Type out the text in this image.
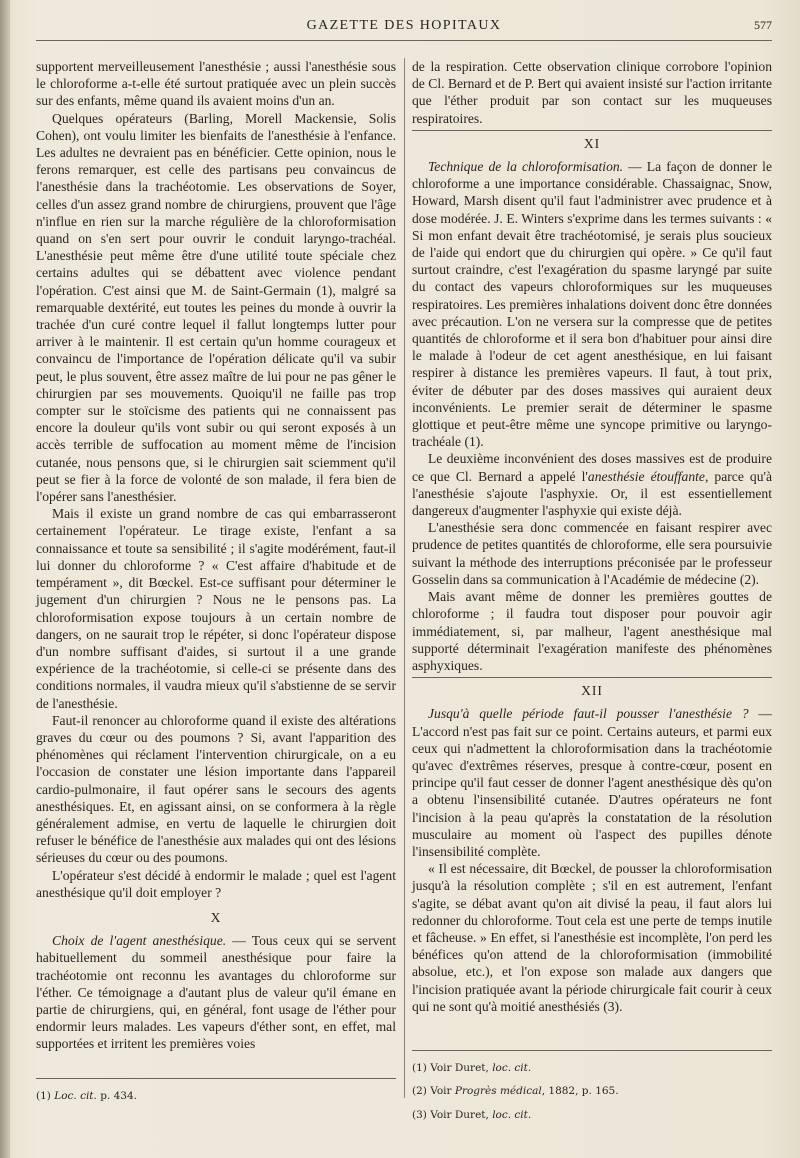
GAZETTE DES HOPITAUX	577

supportent merveilleusement l'anesthésie ; aussi l'anesthésie sous le chloroforme a-t-elle été surtout pratiquée avec un plein succès sur des enfants, même quand ils avaient moins d'un an.

Quelques opérateurs (Barling, Morell Mackensie, Solis Cohen), ont voulu limiter les bienfaits de l'anesthésie à l'enfance. Les adultes ne devraient pas en bénéficier. Cette opinion, nous le ferons remarquer, est celle des partisans peu convaincus de l'anesthésie dans la trachéotomie. Les observations de Soyer, celles d'un assez grand nombre de chirurgiens, prouvent que l'âge n'influe en rien sur la marche régulière de la chloroformisation quand on s'en sert pour ouvrir le conduit laryngo-trachéal. L'anesthésie peut même être d'une utilité toute spéciale chez certains adultes qui se débattent avec violence pendant l'opération. C'est ainsi que M. de Saint-Germain (1), malgré sa remarquable dextérité, eut toutes les peines du monde à ouvrir la trachée d'un curé contre lequel il fallut longtemps lutter pour arriver à le maintenir. Il est certain qu'un homme courageux et convaincu de l'importance de l'opération délicate qu'il va subir peut, le plus souvent, être assez maître de lui pour ne pas gêner le chirurgien par ses mouvements. Quoiqu'il ne faille pas trop compter sur le stoïcisme des patients qui ne connaissent pas encore la douleur qu'ils vont subir ou qui seront exposés à un accès terrible de suffocation au moment même de l'incision cutanée, nous pensons que, si le chirurgien sait sciemment qu'il peut se fier à la force de volonté de son malade, il fera bien de l'opérer sans l'anesthésier.

Mais il existe un grand nombre de cas qui embarrasseront certainement l'opérateur. Le tirage existe, l'enfant a sa connaissance et toute sa sensibilité ; il s'agite modérément, faut-il lui donner du chloroforme ? « C'est affaire d'habitude et de tempérament », dit Bœckel. Est-ce suffisant pour déterminer le jugement d'un chirurgien ? Nous ne le pensons pas. La chloroformisation expose toujours à un certain nombre de dangers, on ne saurait trop le répéter, si donc l'opérateur dispose d'un nombre suffisant d'aides, si surtout il a une grande expérience de la trachéotomie, si celle-ci se présente dans des conditions normales, il vaudra mieux qu'il s'abstienne de se servir de l'anesthésie.

Faut-il renoncer au chloroforme quand il existe des altérations graves du cœur ou des poumons ? Si, avant l'apparition des phénomènes qui réclament l'intervention chirurgicale, on a eu l'occasion de constater une lésion importante dans l'appareil cardio-pulmonaire, il faut opérer sans le secours des agents anesthésiques. Et, en agissant ainsi, on se conformera à la règle généralement admise, en vertu de laquelle le chirurgien doit refuser le bénéfice de l'anesthésie aux malades qui ont des lésions sérieuses du cœur ou des poumons.

L'opérateur s'est décidé à endormir le malade ; quel est l'agent anesthésique qu'il doit employer ?

X

Choix de l'agent anesthésique. — Tous ceux qui se servent habituellement du sommeil anesthésique pour faire la trachéotomie ont reconnu les avantages du chloroforme sur l'éther. Ce témoignage a d'autant plus de valeur qu'il émane en partie de chirurgiens, qui, en général, font usage de l'éther pour endormir leurs malades. Les vapeurs d'éther sont, en effet, mal supportées et irritent les premières voies

(1) Loc. cit. p. 434.

de la respiration. Cette observation clinique corrobore l'opinion de Cl. Bernard et de P. Bert qui avaient insisté sur l'action irritante que l'éther produit par son contact sur les muqueuses respiratoires.

XI

Technique de la chloroformisation. — La façon de donner le chloroforme a une importance considérable. Chassaignac, Snow, Howard, Marsh disent qu'il faut l'administrer avec prudence et à dose modérée. J. E. Winters s'exprime dans les termes suivants : « Si mon enfant devait être trachéotomisé, je serais plus soucieux de l'aide qui endort que du chirurgien qui opère. » Ce qu'il faut surtout craindre, c'est l'exagération du spasme laryngé par suite du contact des vapeurs chloroformiques sur les muqueuses respiratoires. Les premières inhalations doivent donc être données avec précaution. L'on ne versera sur la compresse que de petites quantités de chloroforme et il sera bon d'habituer pour ainsi dire le malade à l'odeur de cet agent anesthésique, en lui faisant respirer à distance les premières vapeurs. Il faut, à tout prix, éviter de débuter par des doses massives qui auraient deux inconvénients. Le premier serait de déterminer le spasme glottique et peut-être même une syncope primitive ou laryngo-trachéale (1).

Le deuxième inconvénient des doses massives est de produire ce que Cl. Bernard a appelé l'anesthésie étouffante, parce qu'à l'anesthésie s'ajoute l'asphyxie. Or, il est essentiellement dangereux d'augmenter l'asphyxie qui existe déjà.

L'anesthésie sera donc commencée en faisant respirer avec prudence de petites quantités de chloroforme, elle sera poursuivie suivant la méthode des interruptions préconisée par le professeur Gosselin dans sa communication à l'Académie de médecine (2).

Mais avant même de donner les premières gouttes de chloroforme ; il faudra tout disposer pour pouvoir agir immédiatement, si, par malheur, l'agent anesthésique mal supporté déterminait l'exagération manifeste des phénomènes asphyxiques.

XII

Jusqu'à quelle période faut-il pousser l'anesthésie ? — L'accord n'est pas fait sur ce point. Certains auteurs, et parmi eux ceux qui n'admettent la chloroformisation dans la trachéotomie qu'avec d'extrêmes réserves, presque à contre-cœur, posent en principe qu'il faut cesser de donner l'agent anesthésique dès qu'on a obtenu l'insensibilité cutanée. D'autres opérateurs ne font l'incision à la peau qu'après la constatation de la résolution musculaire au moment où l'aspect des pupilles dénote l'insensibilité complète.

« Il est nécessaire, dit Bœckel, de pousser la chloroformisation jusqu'à la résolution complète ; s'il en est autrement, l'enfant s'agite, se débat avant qu'on ait divisé la peau, il faut alors lui redonner du chloroforme. Tout cela est une perte de temps inutile et fâcheuse. » En effet, si l'anesthésie est incomplète, l'on perd les bénéfices qu'on attend de la chloroformisation (immobilité absolue, etc.), et l'on expose son malade aux dangers que l'incision pratiquée avant la période chirurgicale fait courir à ceux qui ne sont qu'à moitié anesthésiés (3).

(1) Voir Duret, loc. cit.

(2) Voir Progrès médical, 1882, p. 165.

(3) Voir Duret, loc. cit.
